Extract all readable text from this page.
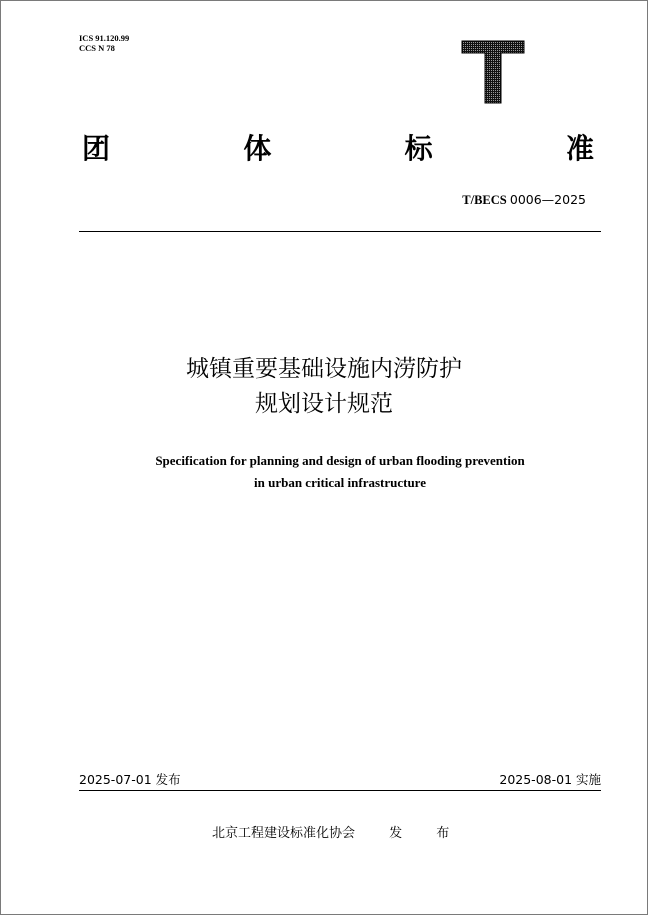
ICS 91.120.99
CCS N 78
团	体	标	准
T/BECS 0006—2025
城镇重要基础设施内涝防护
规划设计规范
Specification for planning and design of urban flooding prevention
in urban critical infrastructure
2025-07-01 发布	2025-08-01 实施
北京工程建设标准化协会	发 布
